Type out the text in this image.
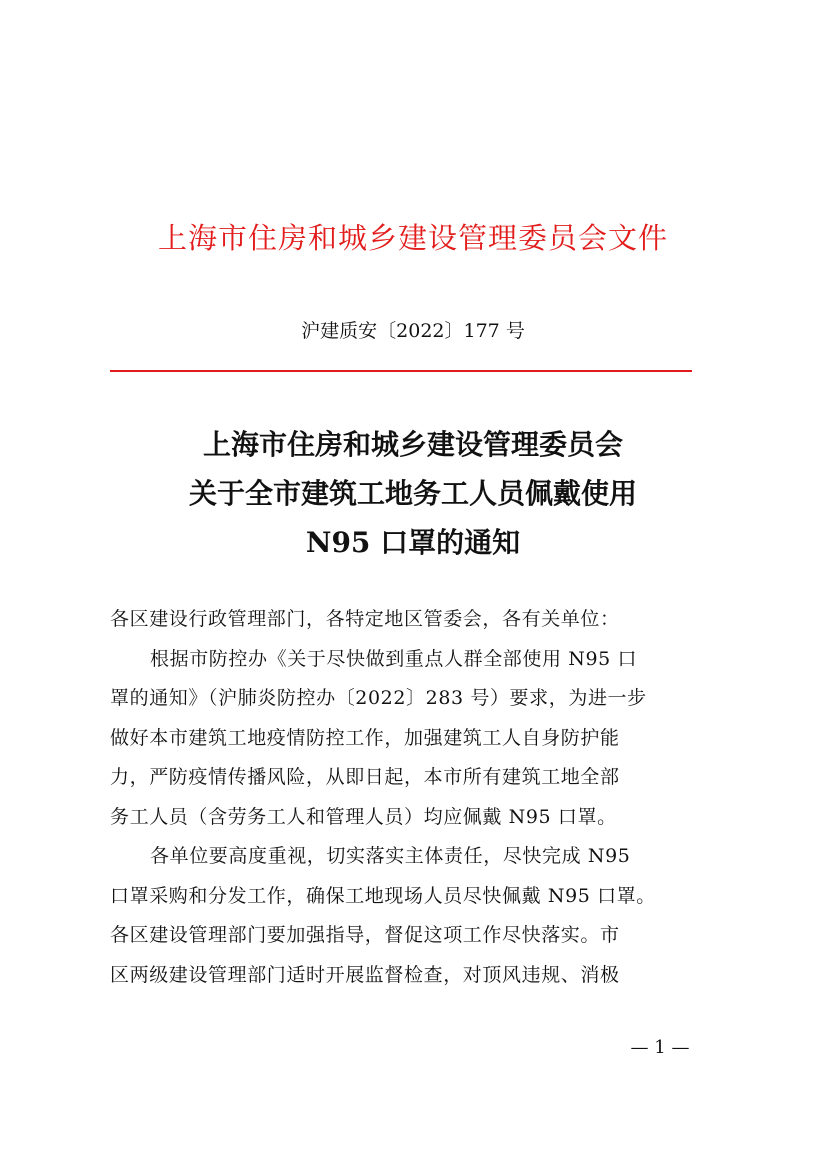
上海市住房和城乡建设管理委员会文件
沪建质安〔2022〕177 号
上海市住房和城乡建设管理委员会
关于全市建筑工地务工人员佩戴使用
N95 口罩的通知
各区建设行政管理部门，各特定地区管委会，各有关单位：
根据市防控办《关于尽快做到重点人群全部使用 N95 口
罩的通知》（沪肺炎防控办〔2022〕283 号）要求，为进一步
做好本市建筑工地疫情防控工作，加强建筑工人自身防护能
力，严防疫情传播风险，从即日起，本市所有建筑工地全部
务工人员（含劳务工人和管理人员）均应佩戴 N95 口罩。
各单位要高度重视，切实落实主体责任，尽快完成 N95
口罩采购和分发工作，确保工地现场人员尽快佩戴 N95 口罩。
各区建设管理部门要加强指导，督促这项工作尽快落实。市
区两级建设管理部门适时开展监督检查，对顶风违规、消极
— 1 —
